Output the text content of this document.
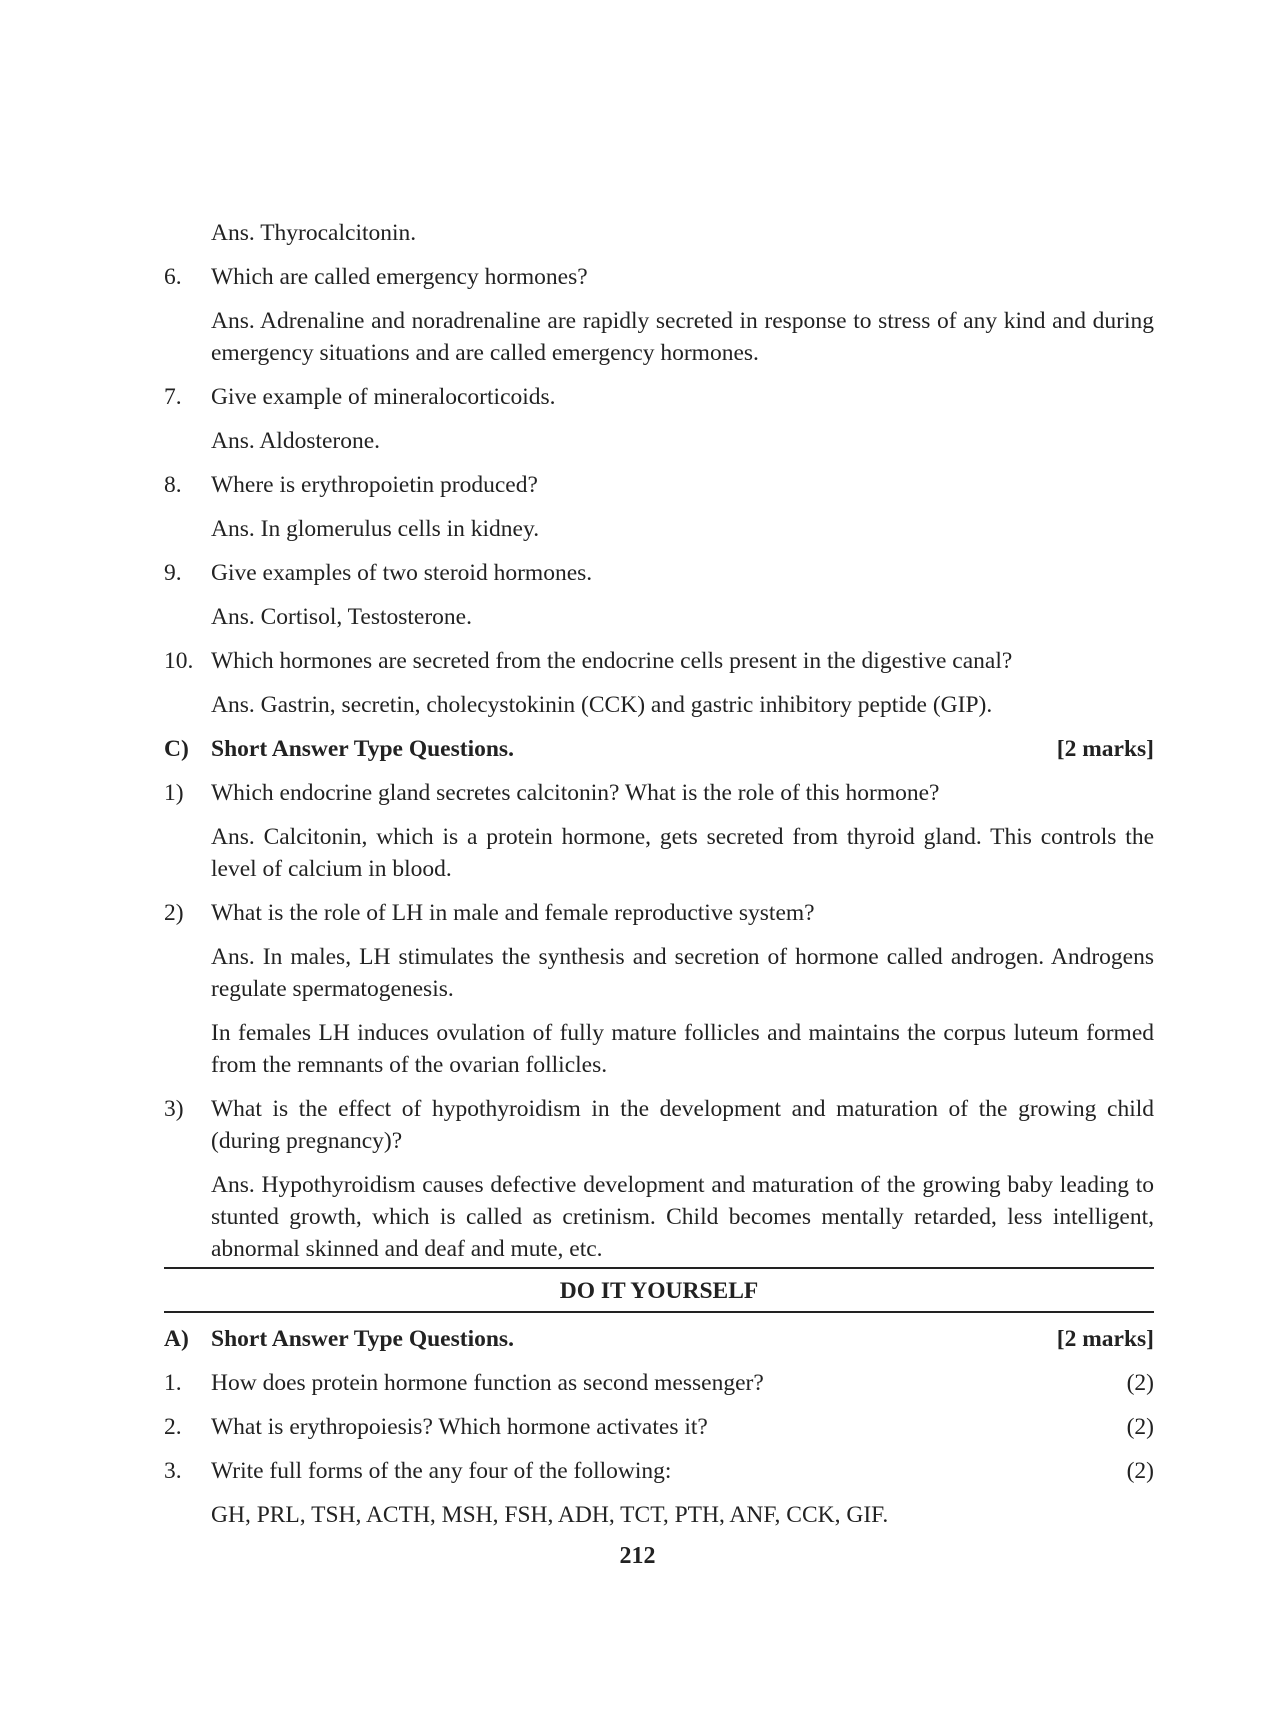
Ans. Thyrocalcitonin.
6.	Which are called emergency hormones?
Ans. Adrenaline and noradrenaline are rapidly secreted in response to stress of any kind and during emergency situations and are called emergency hormones.
7.	Give example of mineralocorticoids.
Ans. Aldosterone.
8.	Where is erythropoietin produced?
Ans. In glomerulus cells in kidney.
9.	Give examples of two steroid hormones.
Ans. Cortisol, Testosterone.
10. Which hormones are secreted from the endocrine cells present in the digestive canal?
Ans. Gastrin, secretin, cholecystokinin (CCK) and gastric inhibitory peptide (GIP).
C) Short Answer Type Questions.	[2 marks]
1)	Which endocrine gland secretes calcitonin? What is the role of this hormone?
Ans. Calcitonin, which is a protein hormone, gets secreted from thyroid gland. This controls the level of calcium in blood.
2)	What is the role of LH in male and female reproductive system?
Ans. In males, LH stimulates the synthesis and secretion of hormone called androgen. Androgens regulate spermatogenesis.
In females LH induces ovulation of fully mature follicles and maintains the corpus luteum formed from the remnants of the ovarian follicles.
3)	What is the effect of hypothyroidism in the development and maturation of the growing child (during pregnancy)?
Ans. Hypothyroidism causes defective development and maturation of the growing baby leading to stunted growth, which is called as cretinism. Child becomes mentally retarded, less intelligent, abnormal skinned and deaf and mute, etc.
DO IT YOURSELF
A) Short Answer Type Questions.	[2 marks]
1.	How does protein hormone function as second messenger?	(2)
2.	What is erythropoiesis? Which hormone activates it?	(2)
3.	Write full forms of the any four of the following:	(2)
GH, PRL, TSH, ACTH, MSH, FSH, ADH, TCT, PTH, ANF, CCK, GIF.
212
